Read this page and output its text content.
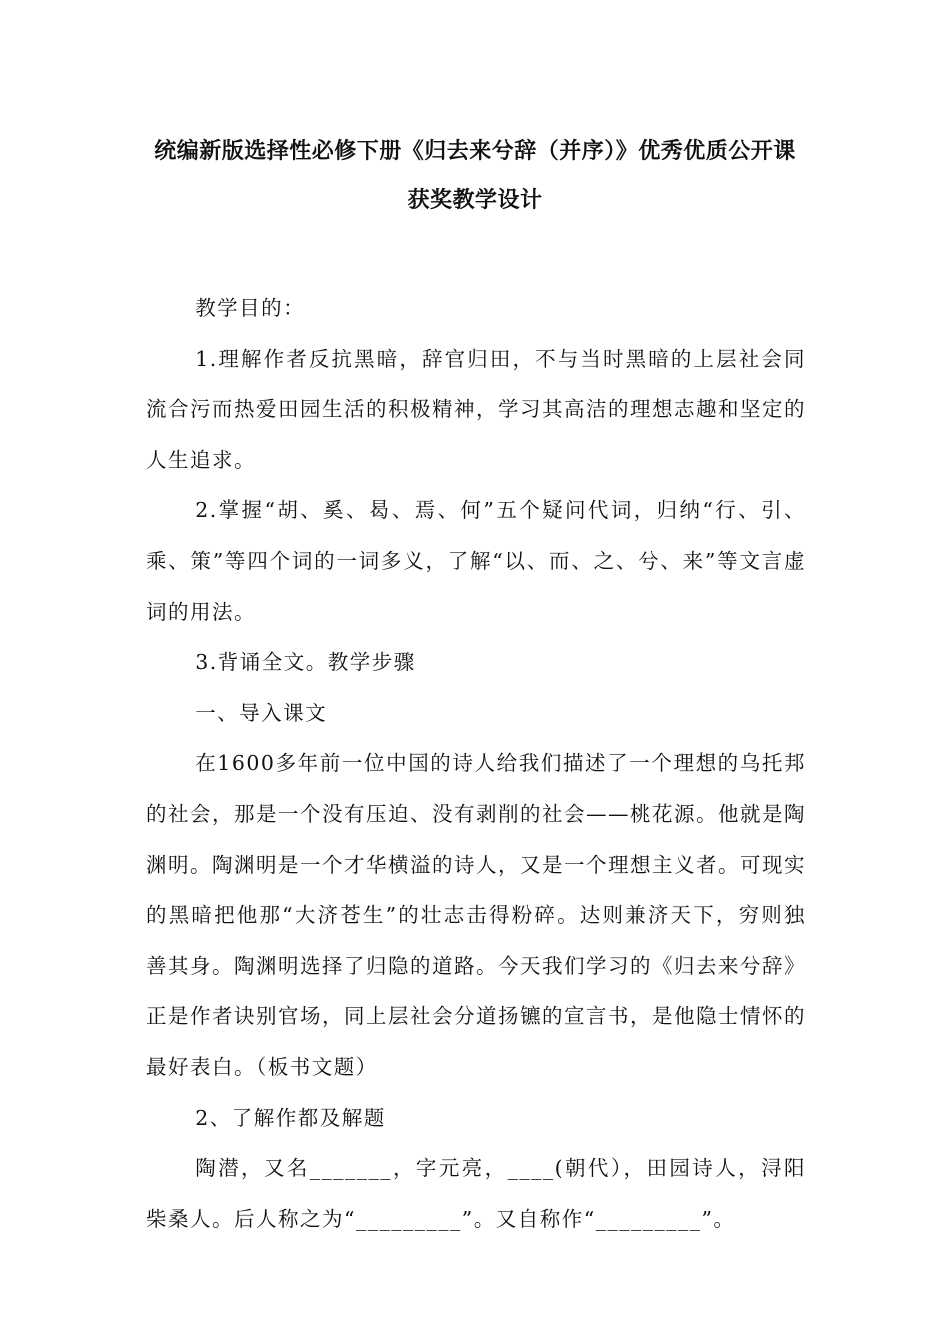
统编新版选择性必修下册《归去来兮辞（并序）》优秀优质公开课
获奖教学设计

教学目的：

1.理解作者反抗黑暗，辞官归田，不与当时黑暗的上层社会同流合污而热爱田园生活的积极精神，学习其高洁的理想志趣和坚定的人生追求。

2.掌握“胡、奚、曷、焉、何”五个疑问代词，归纳“行、引、乘、策”等四个词的一词多义，了解“以、而、之、兮、来”等文言虚词的用法。

3.背诵全文。教学步骤

一、导入课文

在1600多年前一位中国的诗人给我们描述了一个理想的乌托邦的社会，那是一个没有压迫、没有剥削的社会——桃花源。他就是陶渊明。陶渊明是一个才华横溢的诗人，又是一个理想主义者。可现实的黑暗把他那“大济苍生”的壮志击得粉碎。达则兼济天下，穷则独善其身。陶渊明选择了归隐的道路。今天我们学习的《归去来兮辞》正是作者诀别官场，同上层社会分道扬镳的宣言书，是他隐士情怀的最好表白。（板书文题）

2、了解作都及解题

陶潜，又名_______，字元亮，____(朝代），田园诗人，浔阳柴桑人。后人称之为“_________”。又自称作“_________”。
